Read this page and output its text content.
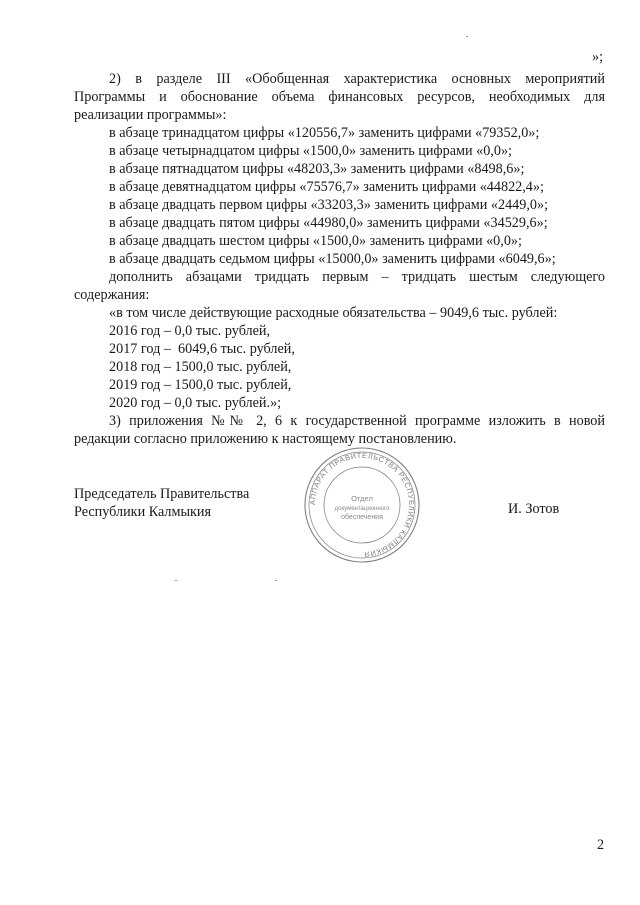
»;
2) в разделе III «Обобщенная характеристика основных мероприятий
Программы и обоснование объема финансовых ресурсов, необходимых для
реализации программы»:
в абзаце тринадцатом цифры «120556,7» заменить цифрами «79352,0»;
в абзаце четырнадцатом цифры «1500,0» заменить цифрами «0,0»;
в абзаце пятнадцатом цифры «48203,3» заменить цифрами «8498,6»;
в абзаце девятнадцатом цифры «75576,7» заменить цифрами «44822,4»;
в абзаце двадцать первом цифры «33203,3» заменить цифрами «2449,0»;
в абзаце двадцать пятом цифры «44980,0» заменить цифрами «34529,6»;
в абзаце двадцать шестом цифры «1500,0» заменить цифрами «0,0»;
в абзаце двадцать седьмом цифры «15000,0» заменить цифрами «6049,6»;
дополнить абзацами тридцать первым – тридцать шестым следующего
содержания:
«в том числе действующие расходные обязательства – 9049,6 тыс. рублей:
2016 год – 0,0 тыс. рублей,
2017 год –  6049,6 тыс. рублей,
2018 год – 1500,0 тыс. рублей,
2019 год – 1500,0 тыс. рублей,
2020 год – 0,0 тыс. рублей.»;
3) приложения №№ 2, 6 к государственной программе изложить в новой
редакции согласно приложению к настоящему постановлению.
Председатель Правительства
Республики Калмыкия	И. Зотов
АППАРАТ ПРАВИТЕЛЬСТВА РЕСПУБЛИКИ КАЛМЫКИЯ
Отдел
документационного
обеспечения
2
